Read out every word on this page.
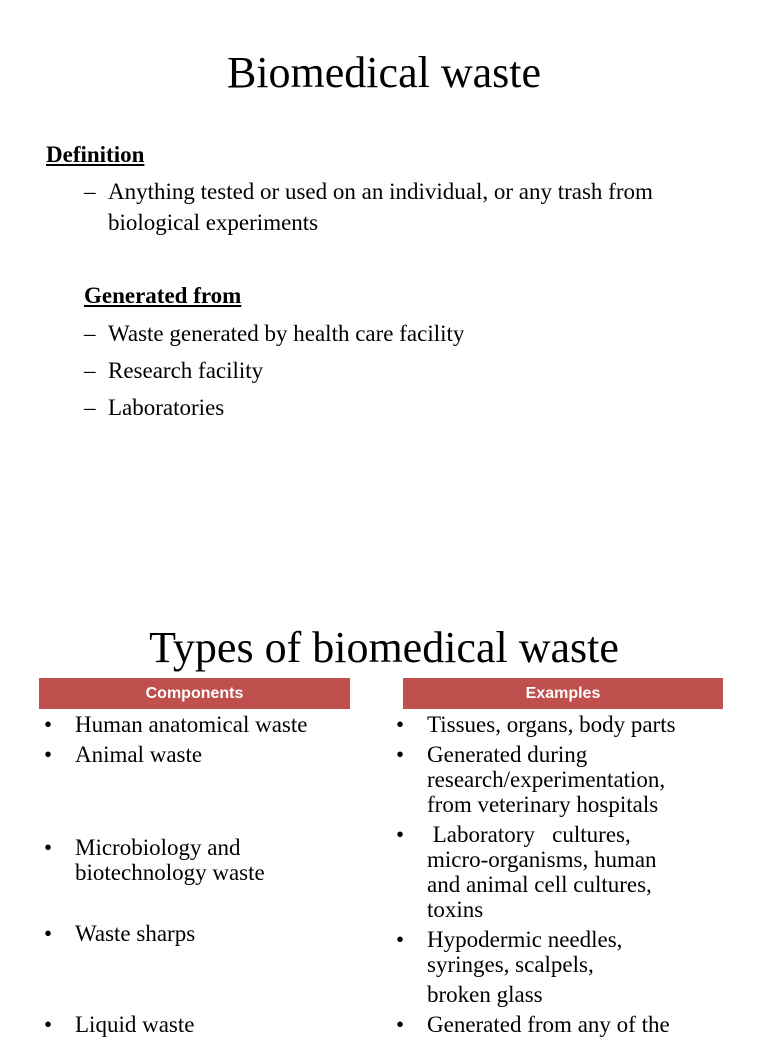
Biomedical waste
Definition
– Anything tested or used on an individual, or any trash from
biological experiments
Generated from
– Waste generated by health care facility
– Research facility
– Laboratories
Types of biomedical waste
Components	Examples
• Human anatomical waste
• Animal waste
• Microbiology and
biotechnology waste
• Waste sharps
• Liquid waste
• Tissues, organs, body parts
• Generated during
research/experimentation,
from veterinary hospitals
• Laboratory   cultures,
micro-organisms, human
and animal cell cultures,
toxins
• Hypodermic needles,
syringes, scalpels,
broken glass
• Generated from any of the
